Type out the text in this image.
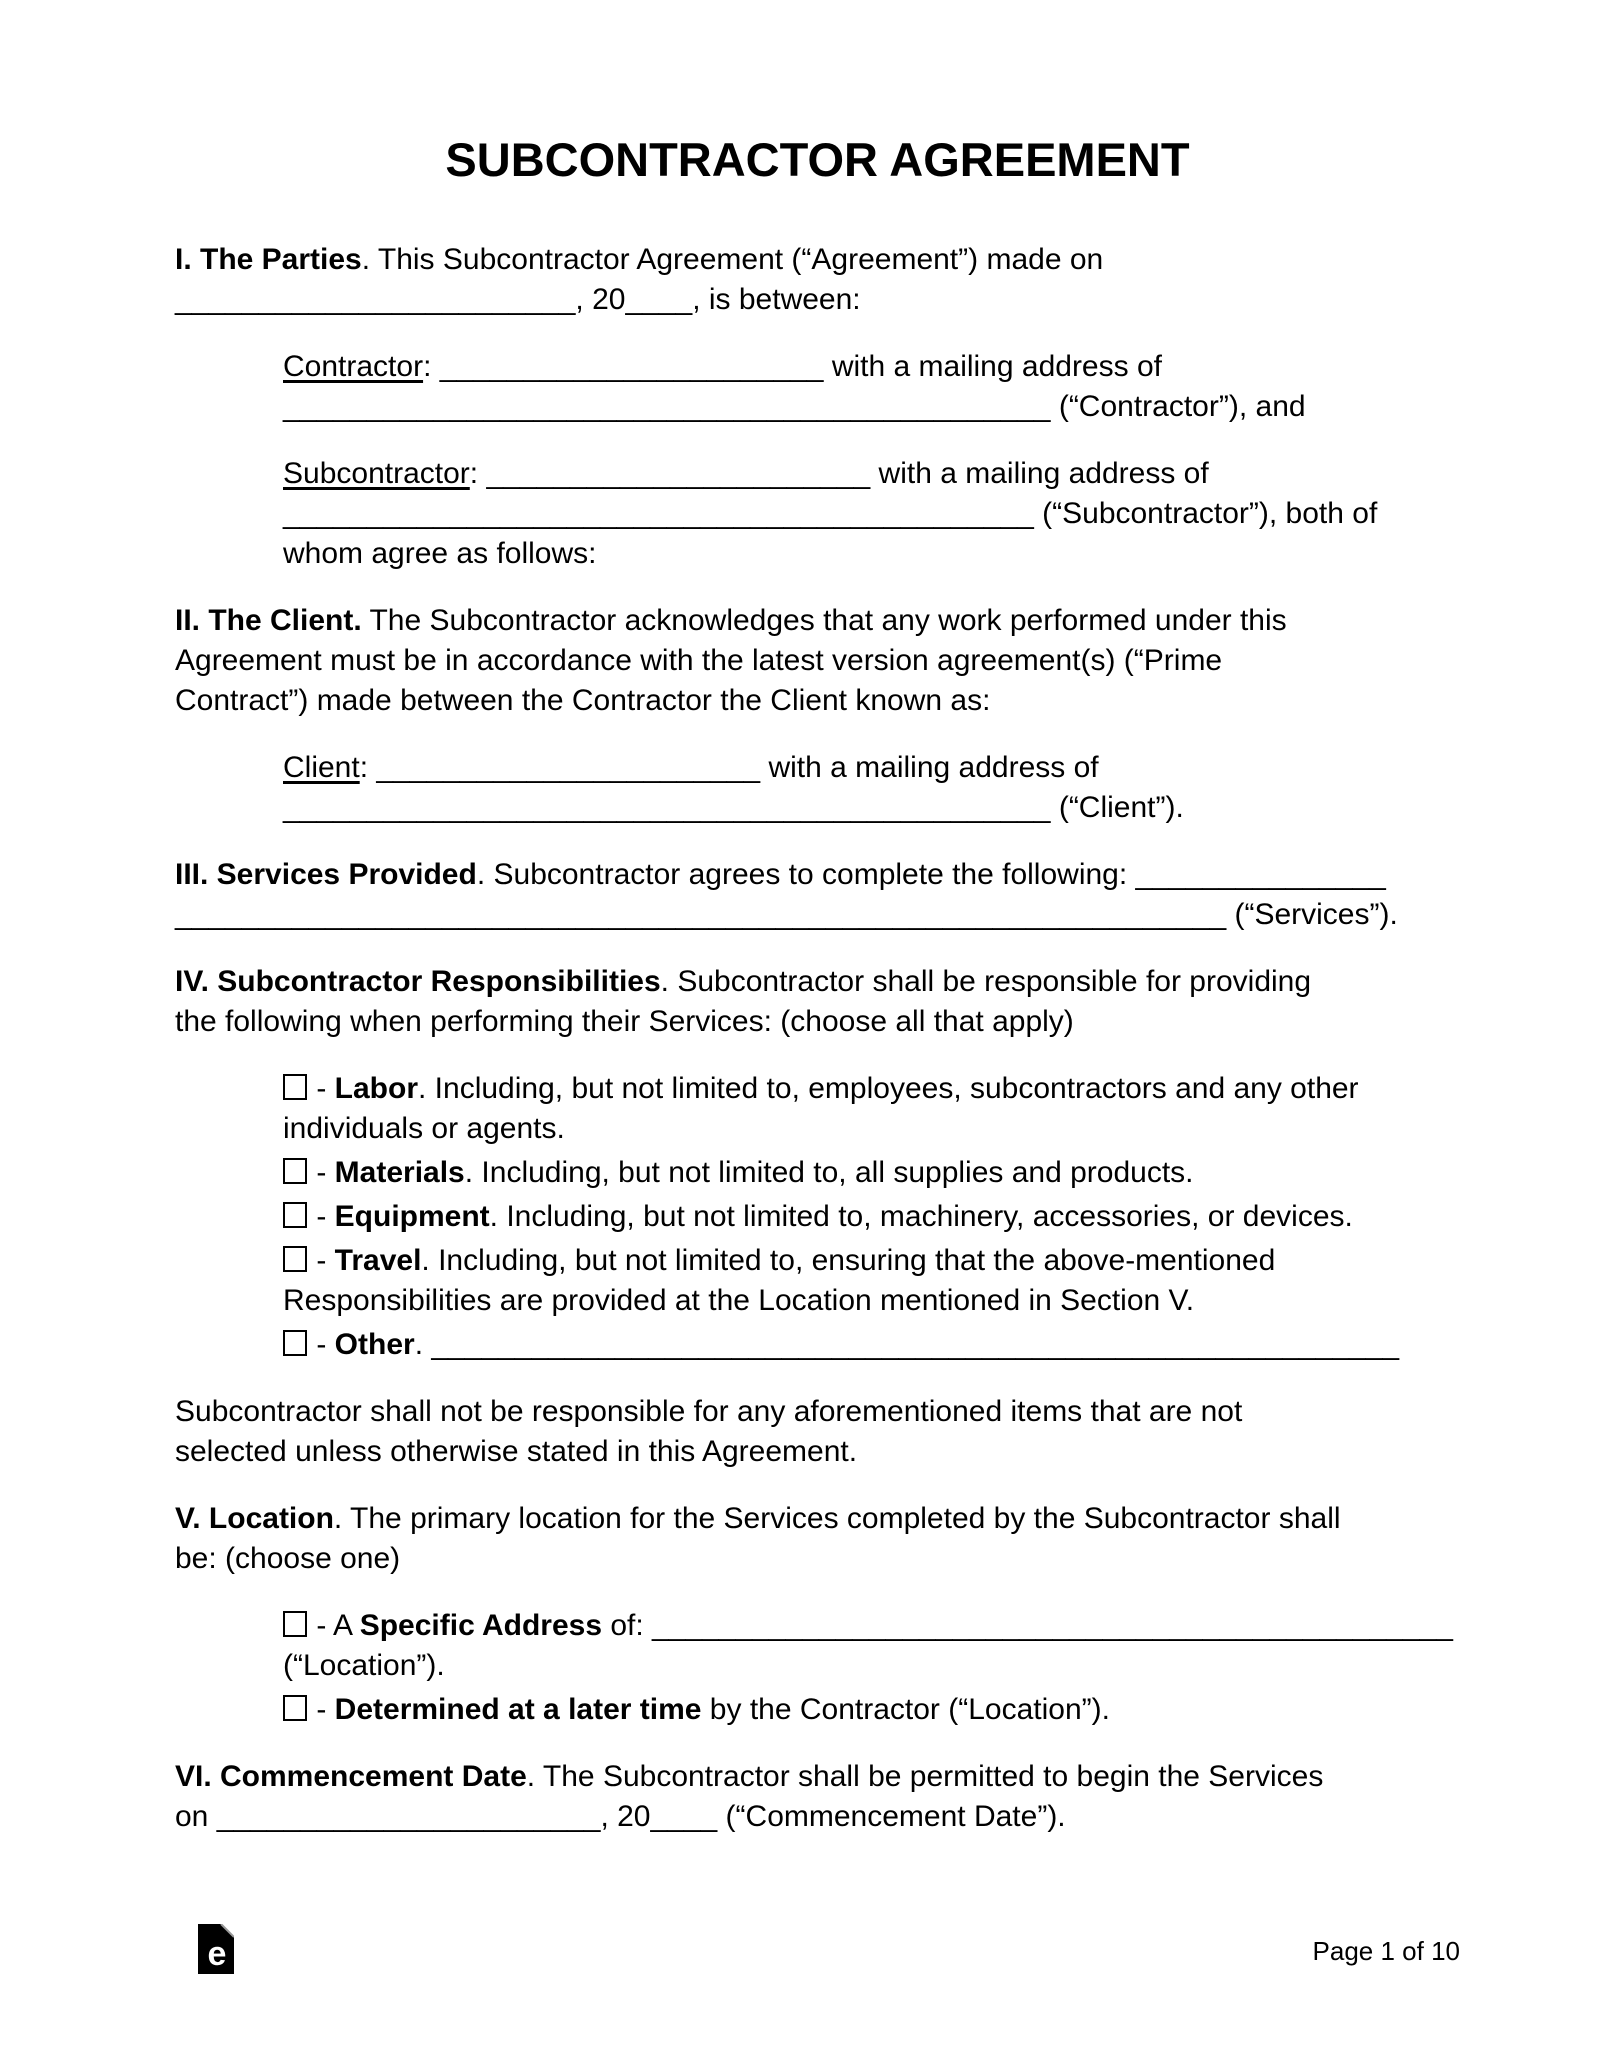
SUBCONTRACTOR AGREEMENT
I. The Parties. This Subcontractor Agreement (“Agreement”) made on
________________________, 20____, is between:
Contractor: _______________________ with a mailing address of
______________________________________________ (“Contractor”), and
Subcontractor: _______________________ with a mailing address of
_____________________________________________ (“Subcontractor”), both of
whom agree as follows:
II. The Client. The Subcontractor acknowledges that any work performed under this
Agreement must be in accordance with the latest version agreement(s) (“Prime
Contract”) made between the Contractor the Client known as:
Client: _______________________ with a mailing address of
______________________________________________ (“Client”).
III. Services Provided. Subcontractor agrees to complete the following: _______________
_______________________________________________________________ (“Services”).
IV. Subcontractor Responsibilities. Subcontractor shall be responsible for providing
the following when performing their Services: (choose all that apply)
- Labor. Including, but not limited to, employees, subcontractors and any other
individuals or agents.
- Materials. Including, but not limited to, all supplies and products.
- Equipment. Including, but not limited to, machinery, accessories, or devices.
- Travel. Including, but not limited to, ensuring that the above-mentioned
Responsibilities are provided at the Location mentioned in Section V.
- Other. __________________________________________________________
Subcontractor shall not be responsible for any aforementioned items that are not
selected unless otherwise stated in this Agreement.
V. Location. The primary location for the Services completed by the Subcontractor shall
be: (choose one)
- A Specific Address of: ________________________________________________
(“Location”).
- Determined at a later time by the Contractor (“Location”).
VI. Commencement Date. The Subcontractor shall be permitted to begin the Services
on _______________________, 20____ (“Commencement Date”).
e	Page 1 of 10
